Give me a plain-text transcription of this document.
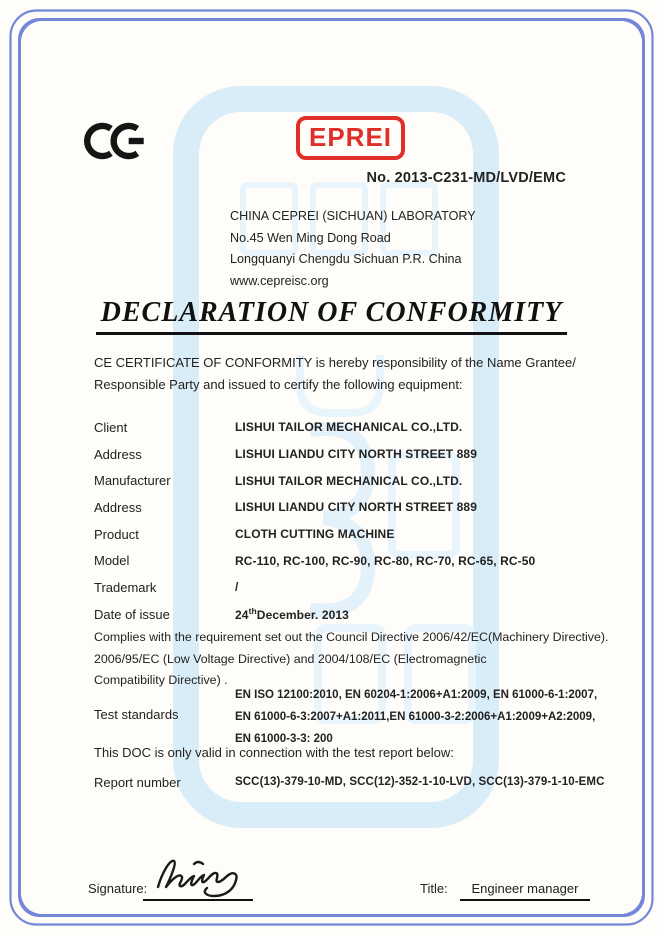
EPREI
No. 2013-C231-MD/LVD/EMC
CHINA CEPREI (SICHUAN) LABORATORY
No.45 Wen Ming Dong Road
Longquanyi Chengdu Sichuan P.R. China
www.cepreisc.org
DECLARATION OF CONFORMITY
CE CERTIFICATE OF CONFORMITY is hereby responsibility of the Name Grantee/
Responsible Party and issued to certify the following equipment:
Client	LISHUI TAILOR MECHANICAL CO.,LTD.
Address	LISHUI LIANDU CITY NORTH STREET 889
Manufacturer	LISHUI TAILOR MECHANICAL CO.,LTD.
Address	LISHUI LIANDU CITY NORTH STREET 889
Product	CLOTH CUTTING MACHINE
Model	RC-110, RC-100, RC-90, RC-80, RC-70, RC-65, RC-50
Trademark	/
Date of issue	24thDecember. 2013
Complies with the requirement set out the Council Directive 2006/42/EC(Machinery Directive).
2006/95/EC (Low Voltage Directive) and 2004/108/EC (Electromagnetic
Compatibility Directive) .
Test standards
EN ISO 12100:2010, EN 60204-1:2006+A1:2009, EN 61000-6-1:2007,
EN 61000-6-3:2007+A1:2011,EN 61000-3-2:2006+A1:2009+A2:2009,
EN 61000-3-3: 200
This DOC is only valid in connection with the test report below:
Report number	SCC(13)-379-10-MD, SCC(12)-352-1-10-LVD, SCC(13)-379-1-10-EMC
Signature:	Title:	Engineer manager
